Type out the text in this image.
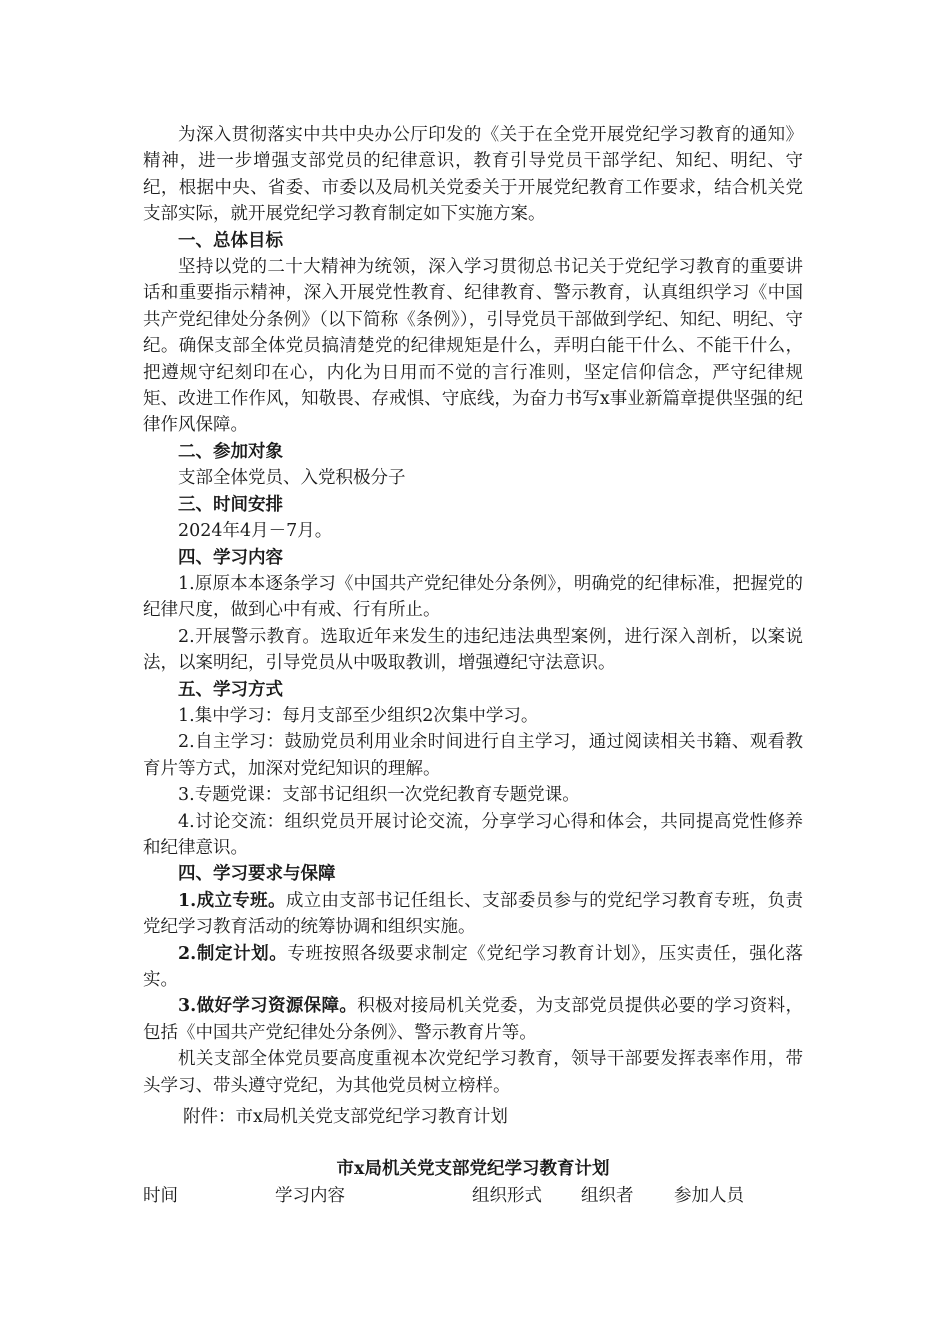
为深入贯彻落实中共中央办公厅印发的《关于在全党开展党纪学习教育的通知》精神，进一步增强支部党员的纪律意识，教育引导党员干部学纪、知纪、明纪、守纪，根据中央、省委、市委以及局机关党委关于开展党纪教育工作要求，结合机关党支部实际，就开展党纪学习教育制定如下实施方案。

一、总体目标

坚持以党的二十大精神为统领，深入学习贯彻总书记关于党纪学习教育的重要讲话和重要指示精神，深入开展党性教育、纪律教育、警示教育，认真组织学习《中国共产党纪律处分条例》（以下简称《条例》），引导党员干部做到学纪、知纪、明纪、守纪。确保支部全体党员搞清楚党的纪律规矩是什么，弄明白能干什么、不能干什么，把遵规守纪刻印在心，内化为日用而不觉的言行准则，坚定信仰信念，严守纪律规矩、改进工作作风，知敬畏、存戒惧、守底线，为奋力书写x事业新篇章提供坚强的纪律作风保障。

二、参加对象

支部全体党员、入党积极分子

三、时间安排

2024年4月－7月。

四、学习内容

1.原原本本逐条学习《中国共产党纪律处分条例》，明确党的纪律标准，把握党的纪律尺度，做到心中有戒、行有所止。

2.开展警示教育。选取近年来发生的违纪违法典型案例，进行深入剖析，以案说法，以案明纪，引导党员从中吸取教训，增强遵纪守法意识。

五、学习方式

1.集中学习：每月支部至少组织2次集中学习。

2.自主学习：鼓励党员利用业余时间进行自主学习，通过阅读相关书籍、观看教育片等方式，加深对党纪知识的理解。

3.专题党课：支部书记组织一次党纪教育专题党课。

4.讨论交流：组织党员开展讨论交流，分享学习心得和体会，共同提高党性修养和纪律意识。

四、学习要求与保障

1.成立专班。成立由支部书记任组长、支部委员参与的党纪学习教育专班，负责党纪学习教育活动的统筹协调和组织实施。

2.制定计划。专班按照各级要求制定《党纪学习教育计划》，压实责任，强化落实。

3.做好学习资源保障。积极对接局机关党委，为支部党员提供必要的学习资料，包括《中国共产党纪律处分条例》、警示教育片等。

机关支部全体党员要高度重视本次党纪学习教育，领导干部要发挥表率作用，带头学习、带头遵守党纪，为其他党员树立榜样。

附件：市x局机关党支部党纪学习教育计划

市x局机关党支部党纪学习教育计划

时间	学习内容	组织形式 组织者 参加人员
